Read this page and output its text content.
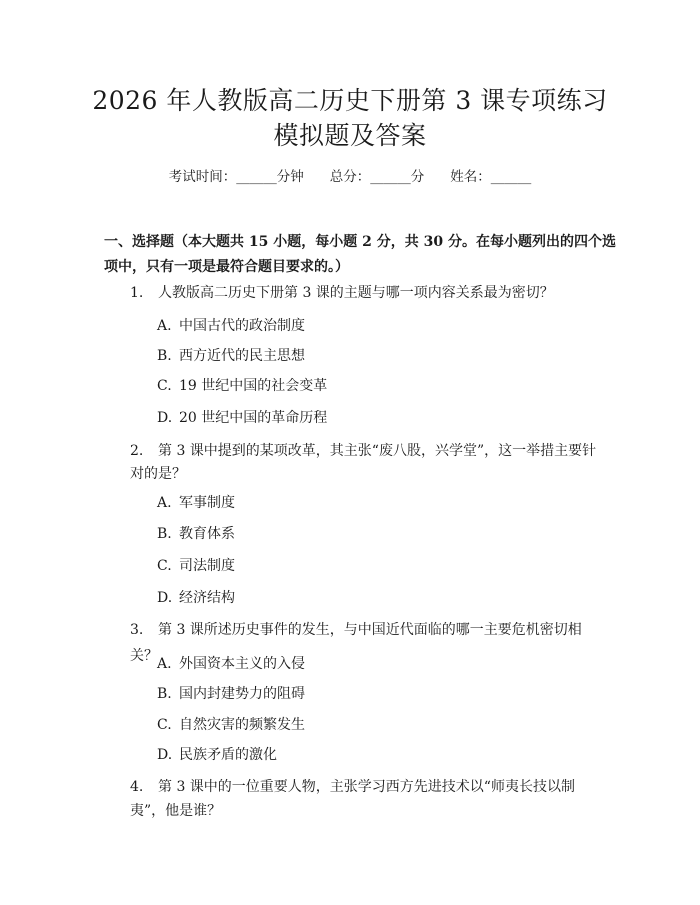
2026 年人教版高二历史下册第 3 课专项练习
模拟题及答案
考试时间：______分钟 总分：______分 姓名：______
一、选择题（本大题共 15 小题，每小题 2 分，共 30 分。在每小题列出的四个选
项中，只有一项是最符合题目要求的。）
1. 人教版高二历史下册第 3 课的主题与哪一项内容关系最为密切？
A. 中国古代的政治制度
B. 西方近代的民主思想
C. 19 世纪中国的社会变革
D. 20 世纪中国的革命历程
2. 第 3 课中提到的某项改革，其主张“废八股，兴学堂”，这一举措主要针
对的是？
A. 军事制度
B. 教育体系
C. 司法制度
D. 经济结构
3. 第 3 课所述历史事件的发生，与中国近代面临的哪一主要危机密切相关？ A. 外国资本主义的入侵
B. 国内封建势力的阻碍
C. 自然灾害的频繁发生
D. 民族矛盾的激化
4. 第 3 课中的一位重要人物，主张学习西方先进技术以“师夷长技以制
夷”，他是谁？
